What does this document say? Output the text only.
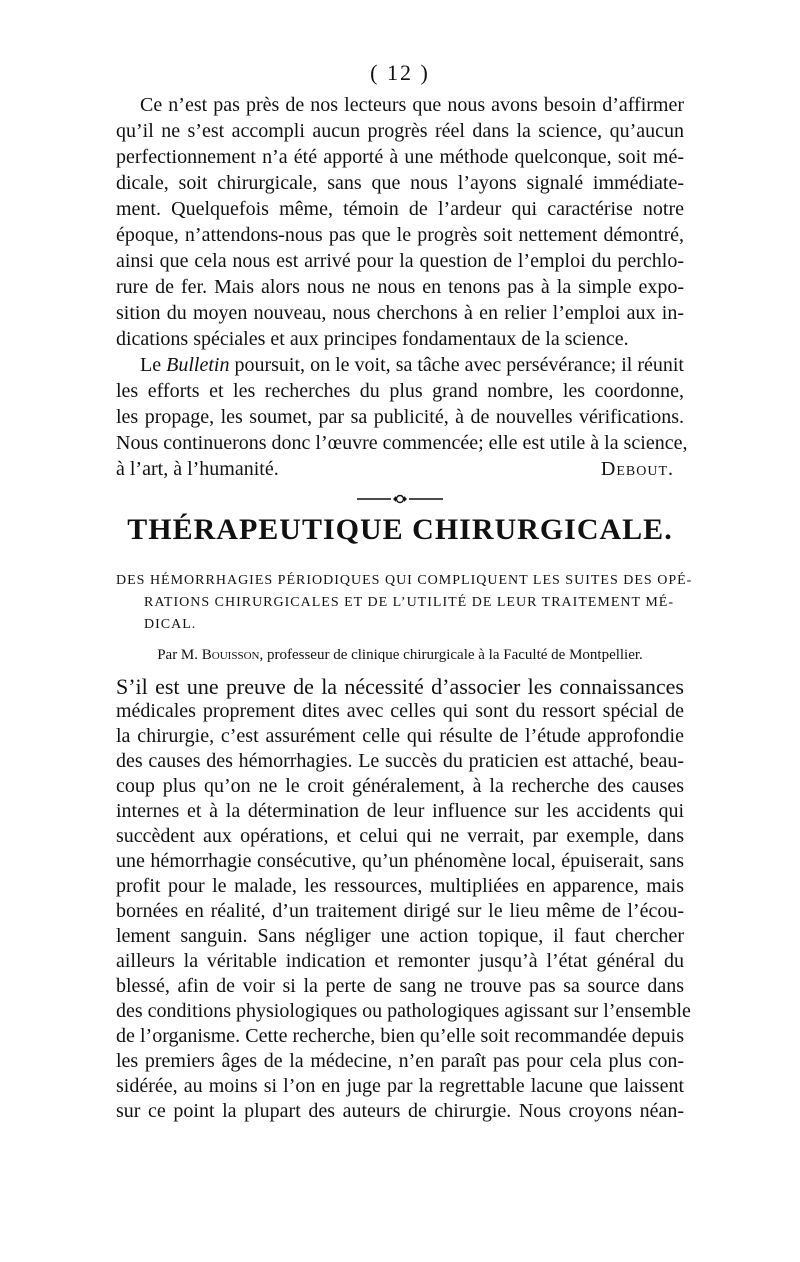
( 12 )
Ce n’est pas près de nos lecteurs que nous avons besoin d’affirmer
qu’il ne s’est accompli aucun progrès réel dans la science, qu’aucun
perfectionnement n’a été apporté à une méthode quelconque, soit mé-
dicale, soit chirurgicale, sans que nous l’ayons signalé immédiate-
ment. Quelquefois même, témoin de l’ardeur qui caractérise notre
époque, n’attendons-nous pas que le progrès soit nettement démontré,
ainsi que cela nous est arrivé pour la question de l’emploi du perchlo-
rure de fer. Mais alors nous ne nous en tenons pas à la simple expo-
sition du moyen nouveau, nous cherchons à en relier l’emploi aux in-
dications spéciales et aux principes fondamentaux de la science.
Le Bulletin poursuit, on le voit, sa tâche avec persévérance; il réunit
les efforts et les recherches du plus grand nombre, les coordonne,
les propage, les soumet, par sa publicité, à de nouvelles vérifications.
Nous continuerons donc l’œuvre commencée; elle est utile à la science,
à l’art, à l’humanité.	Debout.
THÉRAPEUTIQUE CHIRURGICALE.
DES HÉMORRHAGIES PÉRIODIQUES QUI COMPLIQUENT LES SUITES DES OPÉ-
RATIONS CHIRURGICALES ET DE L’UTILITÉ DE LEUR TRAITEMENT MÉ-
DICAL.
Par M. Bouisson, professeur de clinique chirurgicale à la Faculté de Montpellier.
S’il est une preuve de la nécessité d’associer les connaissances
médicales proprement dites avec celles qui sont du ressort spécial de
la chirurgie, c’est assurément celle qui résulte de l’étude approfondie
des causes des hémorrhagies. Le succès du praticien est attaché, beau-
coup plus qu’on ne le croit généralement, à la recherche des causes
internes et à la détermination de leur influence sur les accidents qui
succèdent aux opérations, et celui qui ne verrait, par exemple, dans
une hémorrhagie consécutive, qu’un phénomène local, épuiserait, sans
profit pour le malade, les ressources, multipliées en apparence, mais
bornées en réalité, d’un traitement dirigé sur le lieu même de l’écou-
lement sanguin. Sans négliger une action topique, il faut chercher
ailleurs la véritable indication et remonter jusqu’à l’état général du
blessé, afin de voir si la perte de sang ne trouve pas sa source dans
des conditions physiologiques ou pathologiques agissant sur l’ensemble
de l’organisme. Cette recherche, bien qu’elle soit recommandée depuis
les premiers âges de la médecine, n’en paraît pas pour cela plus con-
sidérée, au moins si l’on en juge par la regrettable lacune que laissent
sur ce point la plupart des auteurs de chirurgie. Nous croyons néan-
